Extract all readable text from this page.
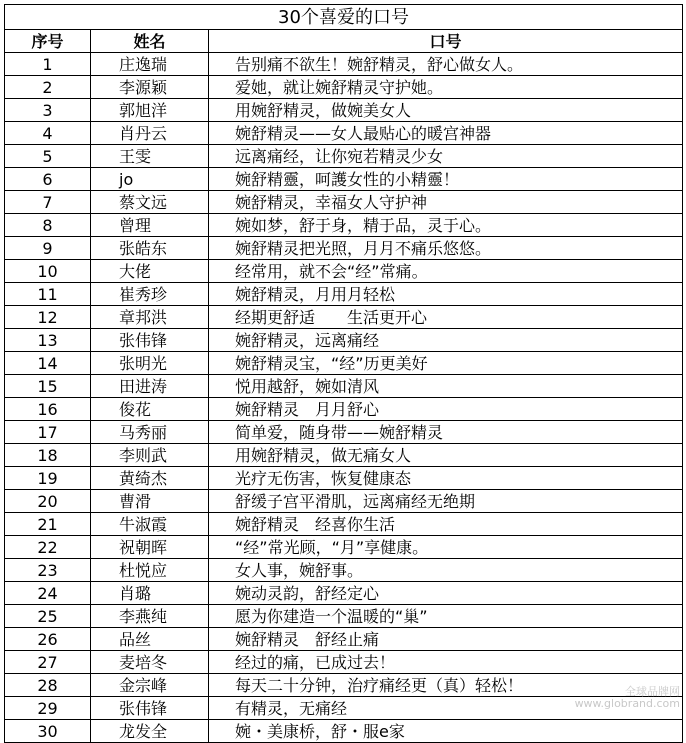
30个喜爱的口号		
序号	姓名	口号
1	庄逸瑞	告别痛不欲生！婉舒精灵，舒心做女人。
2	李源颖	爱她，就让婉舒精灵守护她。
3	郭旭洋	用婉舒精灵，做婉美女人
4	肖丹云	婉舒精灵——女人最贴心的暖宫神器
5	王雯	远离痛经，让你宛若精灵少女
6	jo	婉舒精靈，呵護女性的小精靈！
7	蔡文远	婉舒精灵，幸福女人守护神
8	曾理	婉如梦，舒于身，精于品，灵于心。
9	张皓东	婉舒精灵把光照，月月不痛乐悠悠。
10	大佬	经常用，就不会“经”常痛。
11	崔秀珍	婉舒精灵，月用月轻松
12	章邦洪	经期更舒适　　生活更开心
13	张伟锋	婉舒精灵，远离痛经
14	张明光	婉舒精灵宝，“经”历更美好
15	田进涛	悦用越舒，婉如清风
16	俊花	婉舒精灵　月月舒心
17	马秀丽	简单爱，随身带——婉舒精灵
18	李则武	用婉舒精灵，做无痛女人
19	黄绮杰	光疗无伤害，恢复健康态
20	曹滑	舒缓子宫平滑肌，远离痛经无绝期
21	牛淑霞	婉舒精灵　经喜你生活
22	祝朝晖	“经”常光顾，“月”享健康。
23	杜悦应	女人事，婉舒事。
24	肖璐	婉动灵韵，舒经定心
25	李燕纯	愿为你建造一个温暖的“巢”
26	品丝	婉舒精灵　舒经止痛
27	麦培冬	经过的痛，已成过去！
28	金宗峰	每天二十分钟，治疗痛经更（真）轻松！
29	张伟锋	有精灵，无痛经
30	龙发全	婉・美康桥，舒・服e家
全球品牌网
www.globrand.com
